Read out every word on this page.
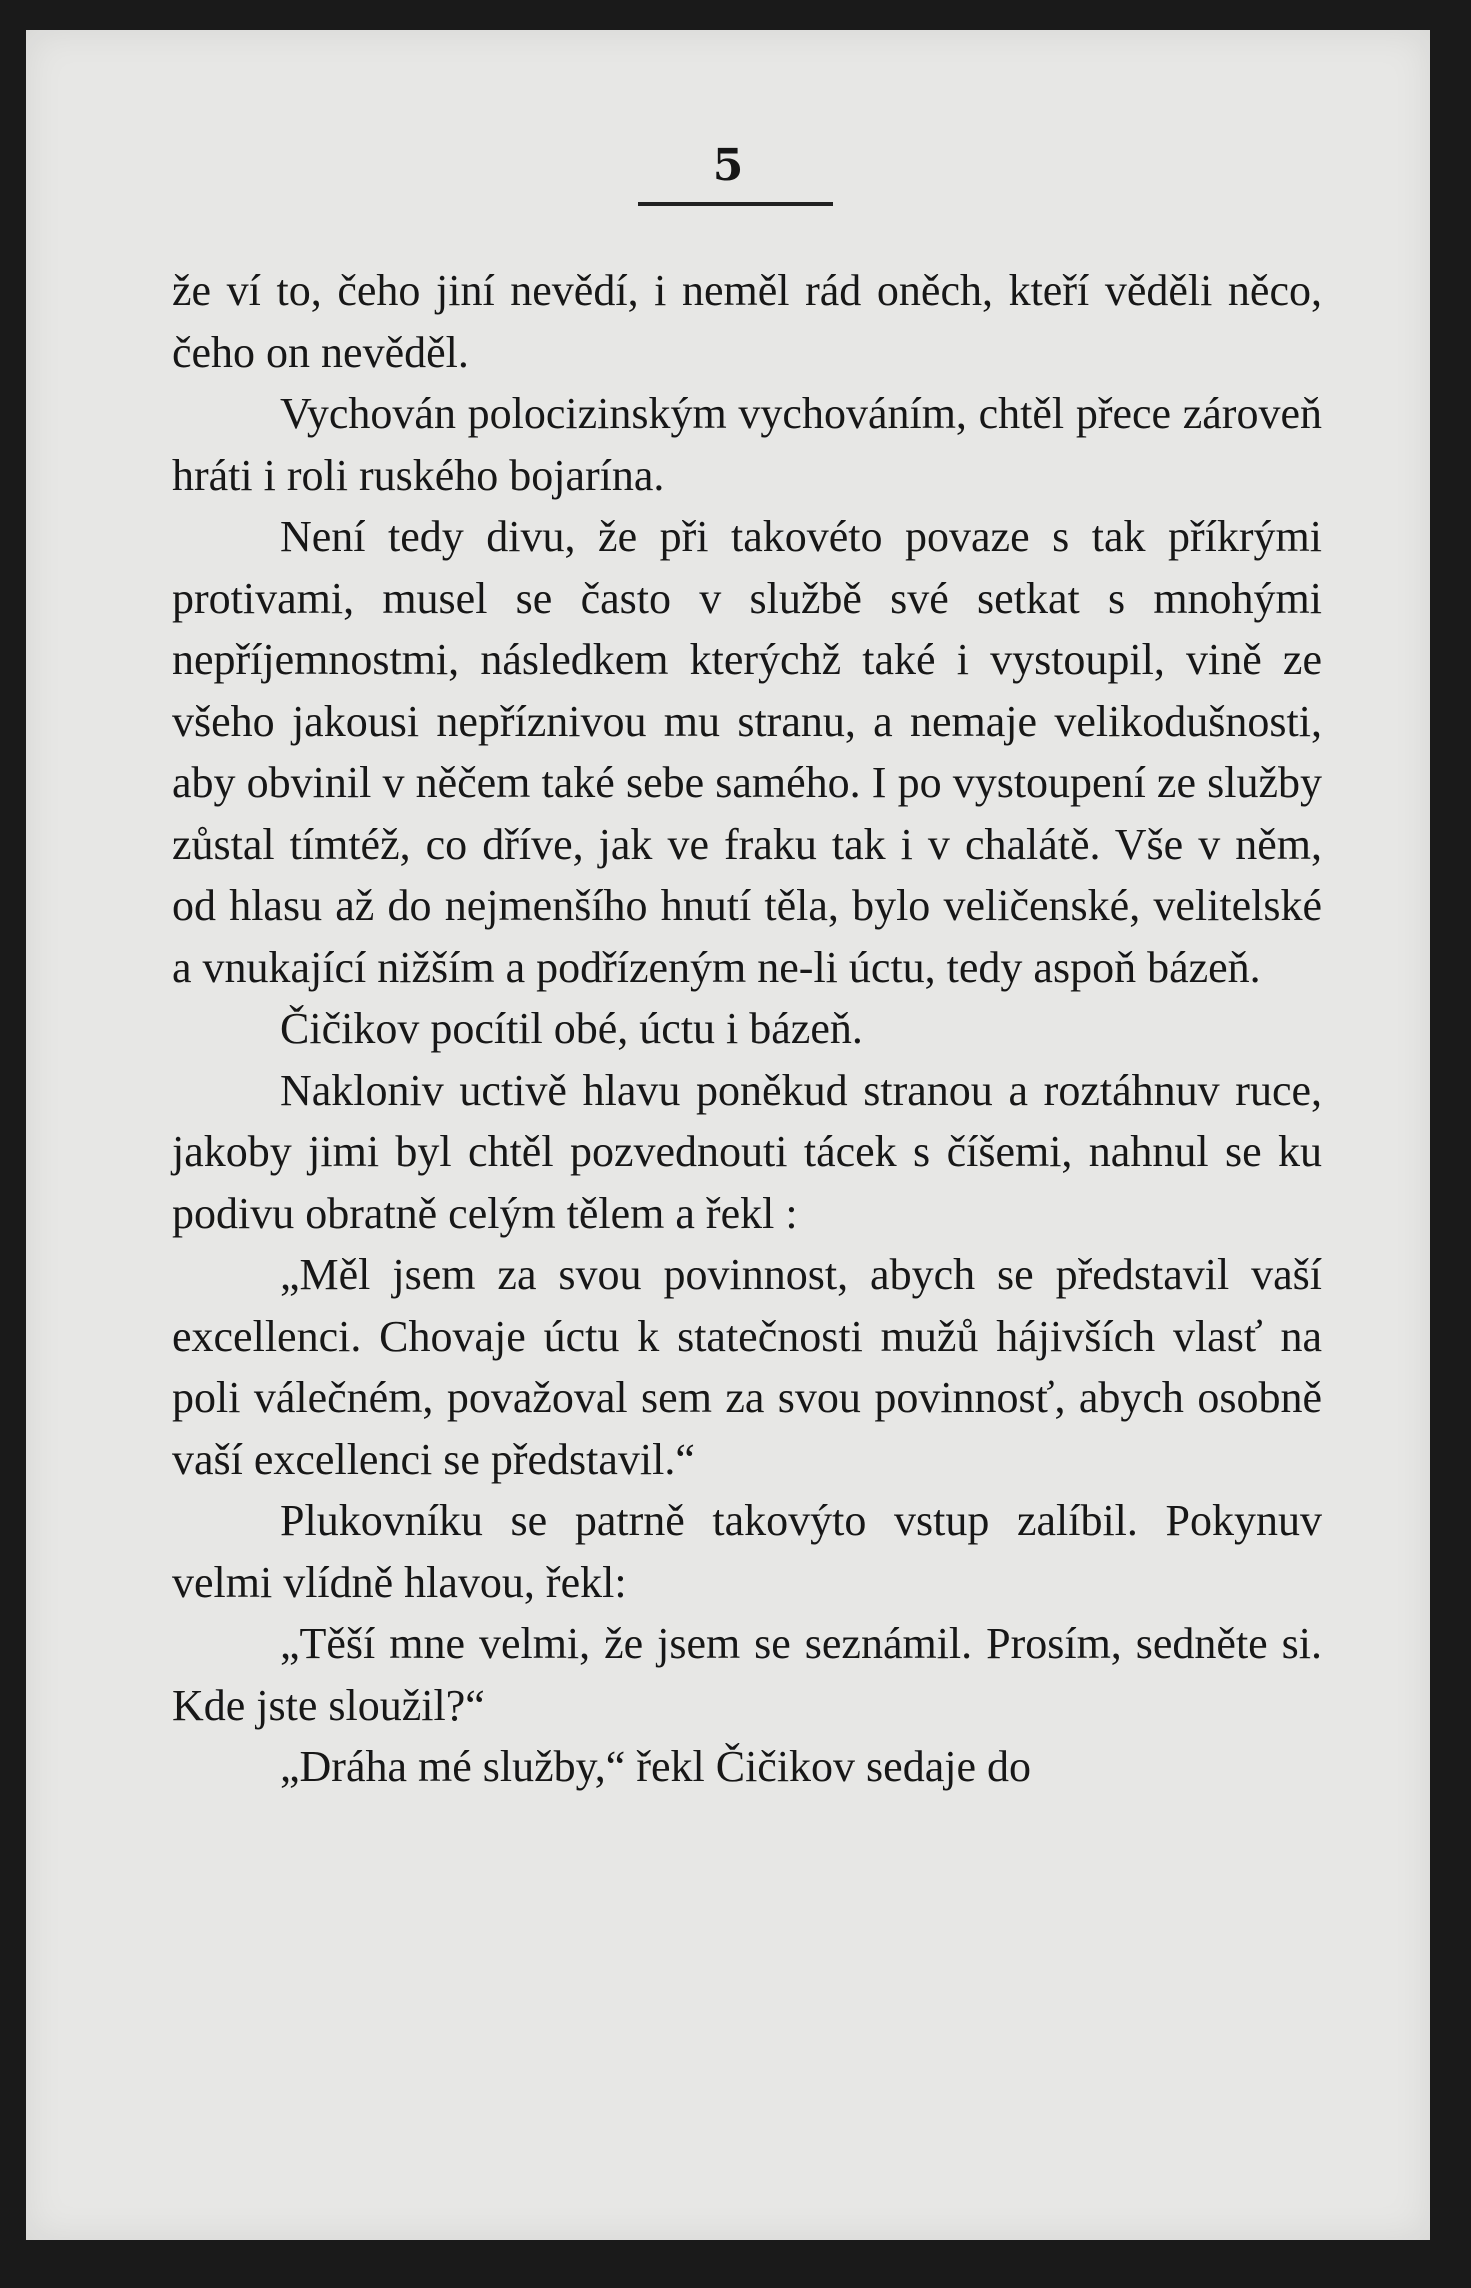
5

že ví to, čeho jiní nevědí, i neměl rád oněch, kteří věděli něco, čeho on nevěděl.

Vychován polocizinským vychováním, chtěl přece zároveň hráti i roli ruského bojarína.

Není tedy divu, že při takovéto povaze s tak příkrými protivami, musel se často v službě své setkat s mnohými nepříjemnostmi, následkem kterýchž také i vystoupil, vině ze všeho jakousi nepříznivou mu stranu, a nemaje velikodušnosti, aby obvinil v něčem také sebe samého. I po vystoupení ze služby zůstal tímtéž, co dříve, jak ve fraku tak i v chalátě. Vše v něm, od hlasu až do nejmenšího hnutí těla, bylo veličenské, velitelské a vnukající nižším a podřízeným ne-li úctu, tedy aspoň bázeň.

Čičikov pocítil obé, úctu i bázeň.

Nakloniv uctivě hlavu poněkud stranou a roztáhnuv ruce, jakoby jimi byl chtěl pozvednouti tácek s číšemi, nahnul se ku podivu obratně celým tělem a řekl :

„Měl jsem za svou povinnost, abych se představil vaší excellenci. Chovaje úctu k statečnosti mužů hájivších vlasť na poli válečném, považoval sem za svou povinnosť, abych osobně vaší excellenci se představil.“

Plukovníku se patrně takovýto vstup zalíbil. Pokynuv velmi vlídně hlavou, řekl:

„Těší mne velmi, že jsem se seznámil. Prosím, sedněte si. Kde jste sloužil?“

„Dráha mé služby,“ řekl Čičikov sedaje do
